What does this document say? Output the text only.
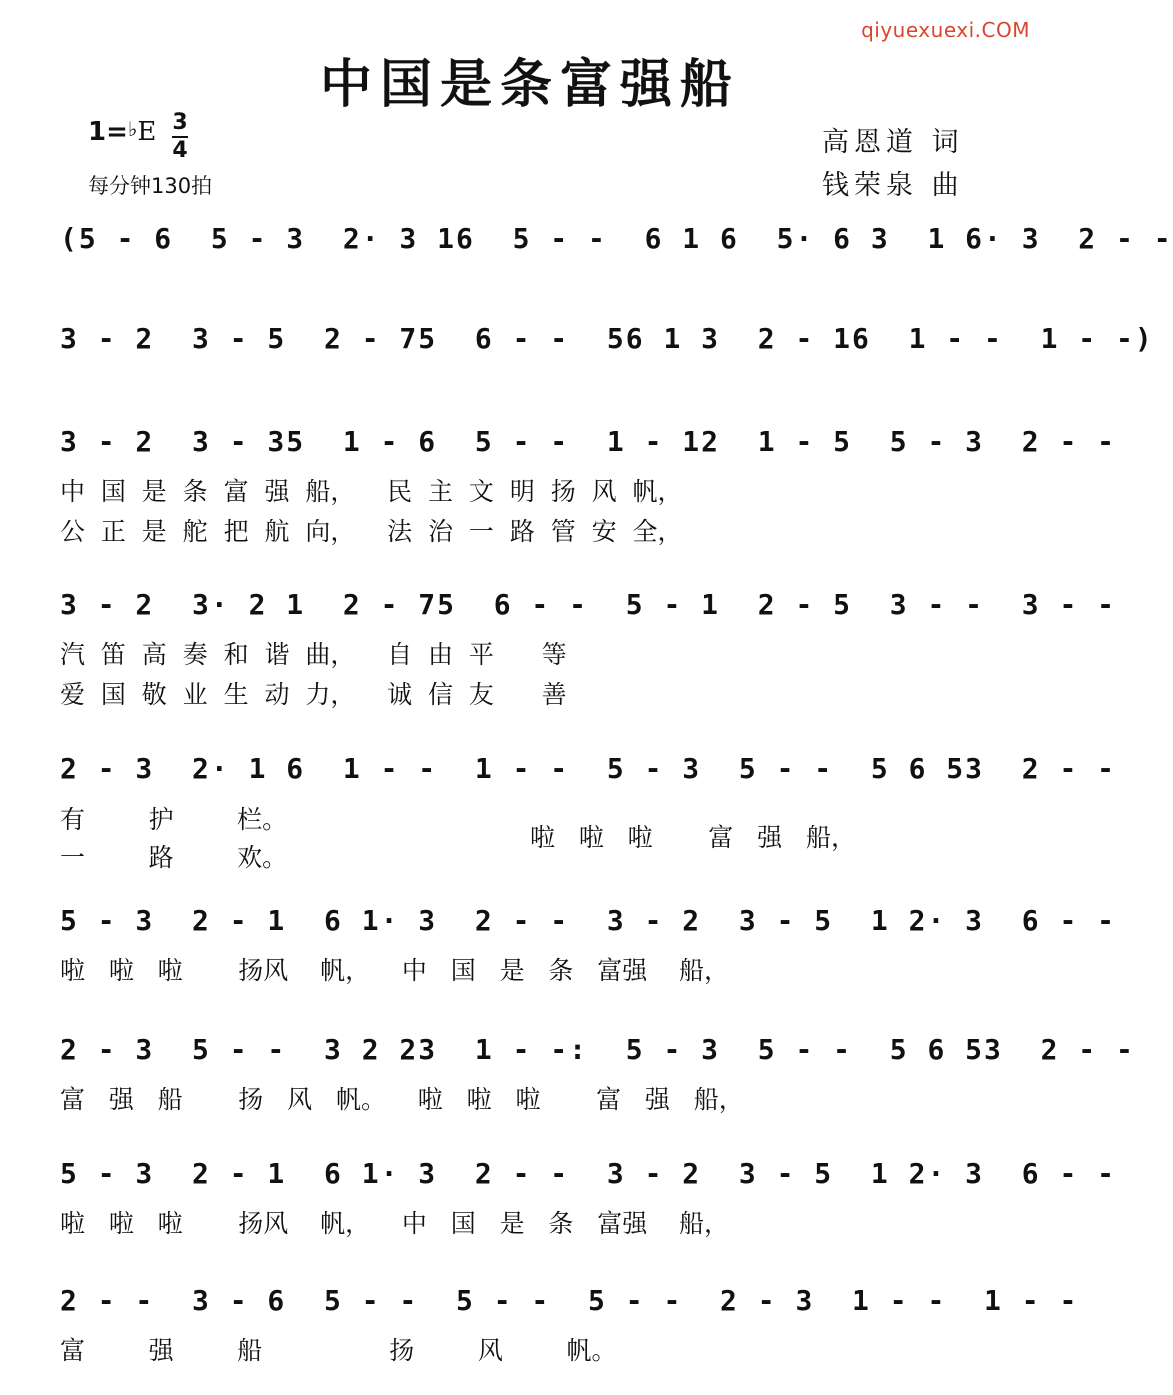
qiyuexuexi.COM
中国是条富强船
1=♭E 3
4
每分钟130拍
高恩道 词
钱荣泉 曲
(5 - 6  5 - 3  2· 3 16  5 - -  6 1 6  5· 6 3  1 6· 3  2 - -
3 - 2  3 - 5  2 - 75  6 - -  56 1 3  2 - 16  1 - -  1 - -)
3 - 2  3 - 35  1 - 6  5 - -  1 - 12  1 - 5  5 - 3  2 - -
中  国  是  条  富  强  船，    民  主  文  明  扬  风  帆，
公  正  是  舵  把  航  向，    法  治  一  路  管  安  全，
3 - 2  3· 2 1  2 - 75  6 - -  5 - 1  2 - 5  3 - -  3 - -
汽  笛  高  奏  和  谐  曲，    自  由  平      等
爱  国  敬  业  生  动  力，    诚  信  友      善
2 - 3  2· 1 6  1 - -  1 - -  5 - 3  5 - -  5 6 53  2 - -
有        护        栏。
一        路        欢。
啦   啦   啦       富   强   船，
5 - 3  2 - 1  6 1· 3  2 - -  3 - 2  3 - 5  1 2· 3  6 - -
啦   啦   啦       扬风    帆，    中   国   是   条   富强    船，
2 - 3  5 - -  3 2 23  1 - -:  5 - 3  5 - -  5 6 53  2 - -
富   强   船       扬   风   帆。    啦   啦   啦       富   强   船，
5 - 3  2 - 1  6 1· 3  2 - -  3 - 2  3 - 5  1 2· 3  6 - -
啦   啦   啦       扬风    帆，    中   国   是   条   富强    船，
2 - -  3 - 6  5 - -  5 - -  5 - -  2 - 3  1 - -  1 - -
富        强        船                扬        风        帆。
